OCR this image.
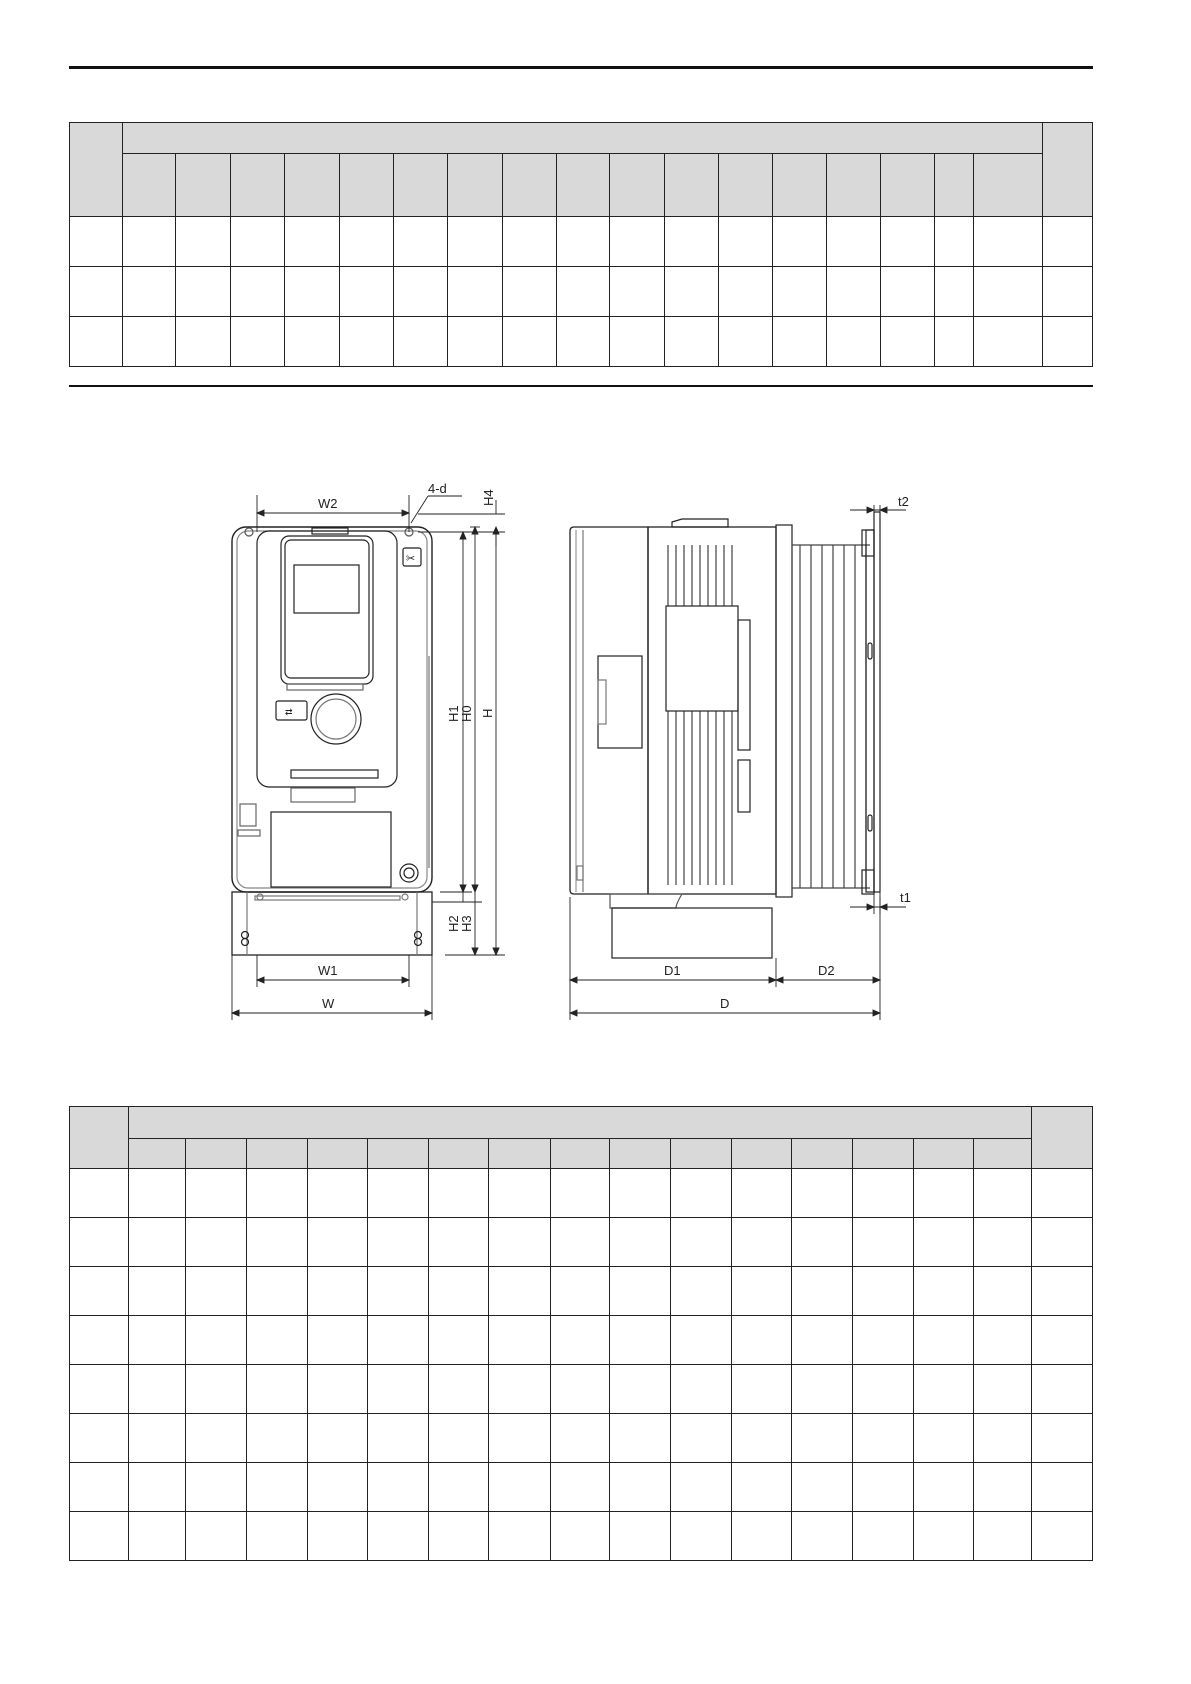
⇄
✂
W2
4-d
H4
H1
H0 H
H2
H3
W1
W
t2
t1
D1	D2
D
